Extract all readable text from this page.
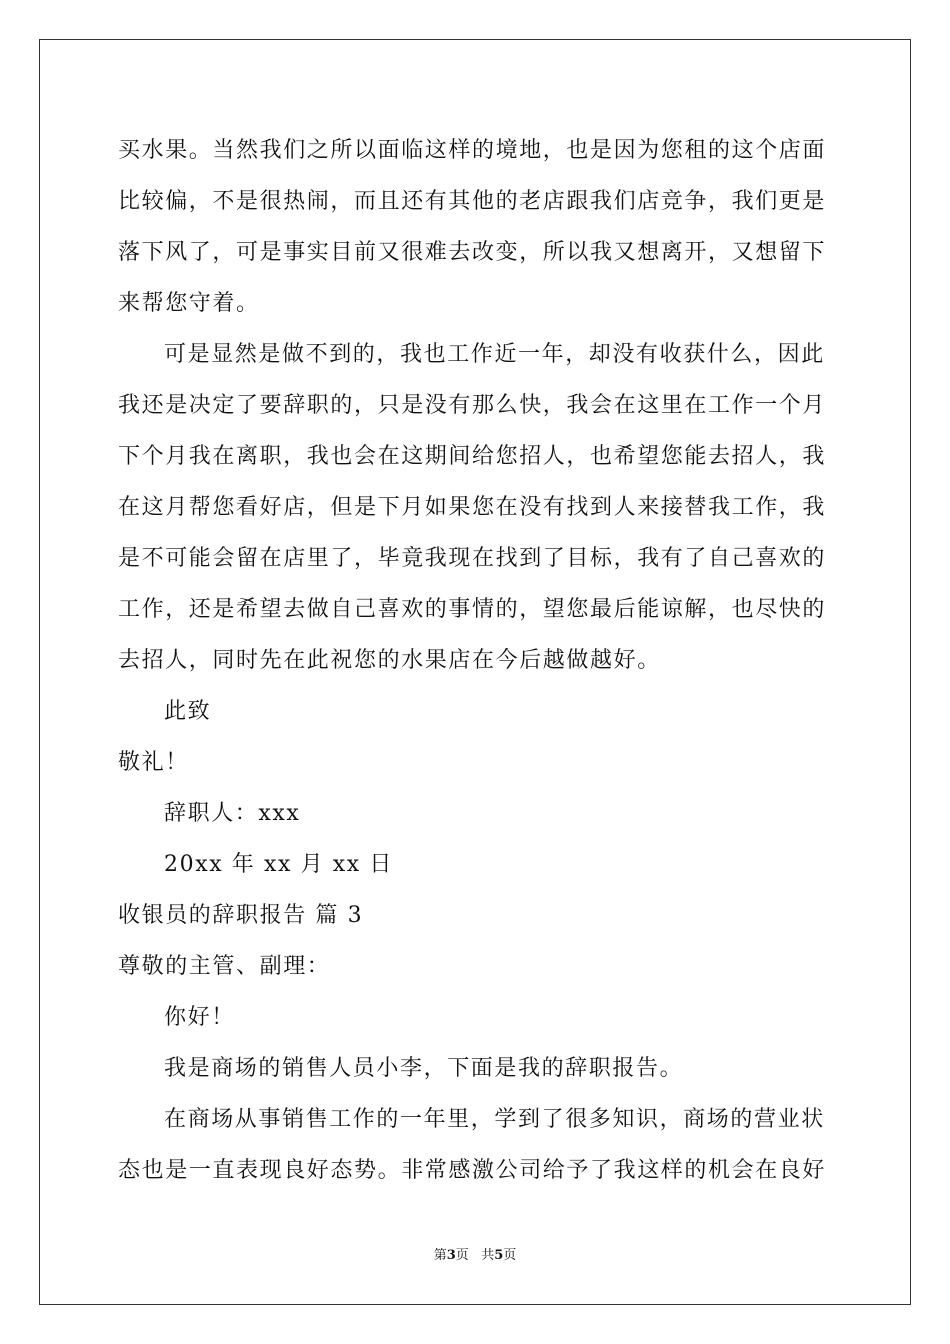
买水果。当然我们之所以面临这样的境地，也是因为您租的这个店面
比较偏，不是很热闹，而且还有其他的老店跟我们店竞争，我们更是
落下风了，可是事实目前又很难去改变，所以我又想离开，又想留下
来帮您守着。
可是显然是做不到的，我也工作近一年，却没有收获什么，因此
我还是决定了要辞职的，只是没有那么快，我会在这里在工作一个月
下个月我在离职，我也会在这期间给您招人，也希望您能去招人，我
在这月帮您看好店，但是下月如果您在没有找到人来接替我工作，我
是不可能会留在店里了，毕竟我现在找到了目标，我有了自己喜欢的
工作，还是希望去做自己喜欢的事情的，望您最后能谅解，也尽快的
去招人，同时先在此祝您的水果店在今后越做越好。
此致
敬礼！
辞职人：xxx
20xx 年 xx 月 xx 日
收银员的辞职报告 篇 3
尊敬的主管、副理：
你好！
我是商场的销售人员小李，下面是我的辞职报告。
在商场从事销售工作的一年里，学到了很多知识，商场的营业状
态也是一直表现良好态势。非常感激公司给予了我这样的机会在良好
第3页 共5页
